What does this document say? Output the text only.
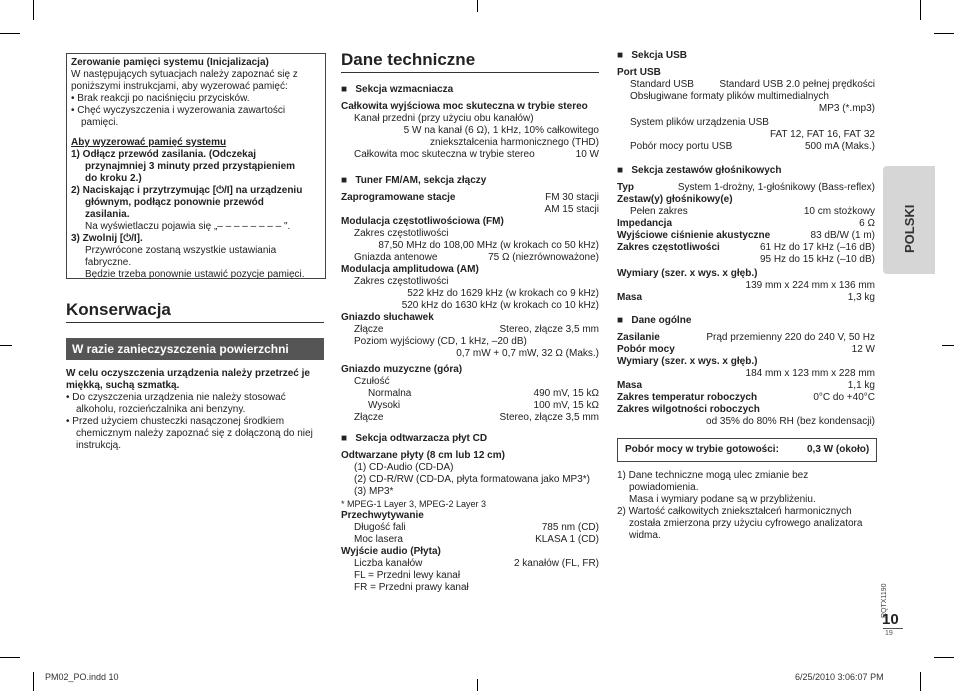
Zerowanie pamięci systemu (Inicjalizacja)
W następujących sytuacjach należy zapoznać się z
poniższymi instrukcjami, aby wyzerować pamięć:
• Brak reakcji po naciśnięciu przycisków.
• Chęć wyczyszczenia i wyzerowania zawartości
pamięci.
Aby wyzerować pamięć systemu
1) Odłącz przewód zasilania. (Odczekaj
przynajmniej 3 minuty przed przystąpieniem
do kroku 2.)
2) Naciskając i przytrzymując [⏻/I] na urządzeniu
głównym, podłącz ponownie przewód
zasilania.
Na wyświetlaczu pojawia się „– – – – – – – – ".
3) Zwolnij [⏻/I].
Przywrócone zostaną wszystkie ustawiania
fabryczne.
Będzie trzeba ponownie ustawić pozycje pamięci.
Konserwacja
W razie zanieczyszczenia powierzchni
W celu oczyszczenia urządzenia należy przetrzeć je
miękką, suchą szmatką.
• Do czyszczenia urządzenia nie należy stosować
alkoholu, rozcieńczalnika ani benzyny.
• Przed użyciem chusteczki nasączonej środkiem
chemicznym należy zapoznać się z dołączoną do niej
instrukcją.
Dane techniczne
■   Sekcja wzmacniacza
Całkowita wyjściowa moc skuteczna w trybie stereo
Kanał przedni (przy użyciu obu kanałów)
5 W na kanał (6 Ω), 1 kHz, 10% całkowitego
zniekształcenia harmonicznego (THD)
Całkowita moc skuteczna w trybie stereo	10 W
■   Tuner FM/AM, sekcja złączy
Zaprogramowane stacje	FM 30 stacji
AM 15 stacji
Modulacja częstotliwościowa (FM)
Zakres częstotliwości
87,50 MHz do 108,00 MHz (w krokach co 50 kHz)
Gniazda antenowe	75 Ω (niezrównoważone)
Modulacja amplitudowa (AM)
Zakres częstotliwości
522 kHz do 1629 kHz (w krokach co 9 kHz)
520 kHz do 1630 kHz (w krokach co 10 kHz)
Gniazdo słuchawek
Złącze	Stereo, złącze 3,5 mm
Poziom wyjściowy (CD, 1 kHz, –20 dB)
0,7 mW + 0,7 mW, 32 Ω (Maks.)
Gniazdo muzyczne (góra)
Czułość
Normalna	490 mV, 15 kΩ
Wysoki	100 mV, 15 kΩ
Złącze	Stereo, złącze 3,5 mm
■   Sekcja odtwarzacza płyt CD
Odtwarzane płyty (8 cm lub 12 cm)
(1) CD-Audio (CD-DA)
(2) CD-R/RW (CD-DA, płyta formatowana jako MP3*)
(3) MP3*
* MPEG-1 Layer 3, MPEG-2 Layer 3
Przechwytywanie
Długość fali	785 nm (CD)
Moc lasera	KLASA 1 (CD)
Wyjście audio (Płyta)
Liczba kanałów	2 kanałów (FL, FR)
FL = Przedni lewy kanał
FR = Przedni prawy kanał
■   Sekcja USB
Port USB
Standard USB	Standard USB 2.0 pełnej prędkości
Obsługiwane formaty plików multimedialnych
MP3 (*.mp3)
System plików urządzenia USB
FAT 12, FAT 16, FAT 32
Pobór mocy portu USB	500 mA (Maks.)
■   Sekcja zestawów głośnikowych
Typ	System 1-drożny, 1-głośnikowy (Bass-reflex)
Zestaw(y) głośnikowy(e)
Pełen zakres	10 cm stożkowy
Impedancja	6 Ω
Wyjściowe ciśnienie akustyczne	83 dB/W (1 m)
Zakres częstotliwości	61 Hz do 17 kHz (–16 dB)
95 Hz do 15 kHz (–10 dB)
Wymiary (szer. x wys. x głęb.)
139 mm x 224 mm x 136 mm
Masa	1,3 kg
■   Dane ogólne
Zasilanie	Prąd przemienny 220 do 240 V, 50 Hz
Pobór mocy	12 W
Wymiary (szer. x wys. x głęb.)
184 mm x 123 mm x 228 mm
Masa	1,1 kg
Zakres temperatur roboczych	0°C do +40°C
Zakres wilgotności roboczych
od 35% do 80% RH (bez kondensacji)
Pobór mocy w trybie gotowości:	0,3 W (około)
1) Dane techniczne mogą ulec zmianie bez
powiadomienia.
Masa i wymiary podane są w przybliżeniu.
2) Wartość całkowitych zniekształceń harmonicznych
została zmierzona przy użyciu cyfrowego analizatora
widma.
POLSKI
RQTX1190
10
19
PM02_PO.indd 10	6/25/2010 3:06:07 PM
